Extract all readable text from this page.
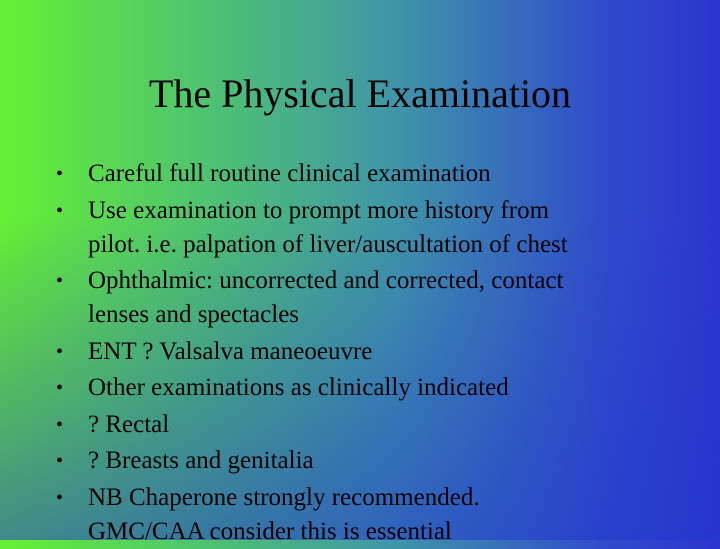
The Physical Examination
• Careful full routine clinical examination
• Use examination to prompt more history from
pilot. i.e. palpation of liver/auscultation of chest
• Ophthalmic: uncorrected and corrected, contact
lenses and spectacles
• ENT ? Valsalva maneoeuvre
• Other examinations as clinically indicated
• ? Rectal
• ? Breasts and genitalia
• NB Chaperone strongly recommended.
GMC/CAA consider this is essential
